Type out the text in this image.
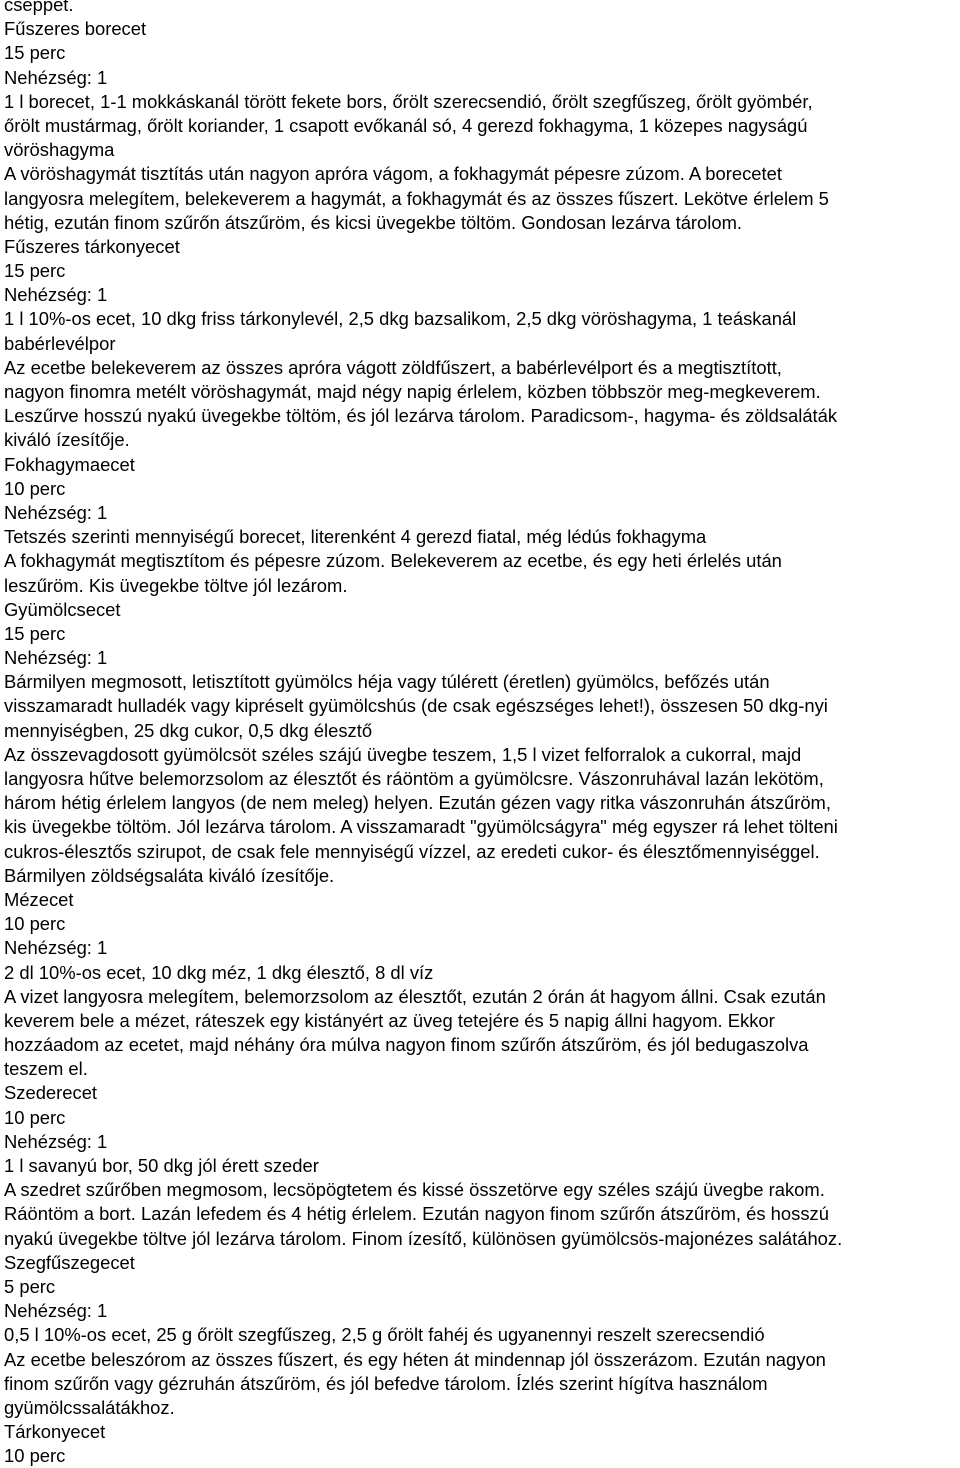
cseppet.
Fűszeres borecet
15 perc
Nehézség: 1
1 l borecet, 1-1 mokkáskanál törött fekete bors, őrölt szerecsendió, őrölt szegfűszeg, őrölt gyömbér,
őrölt mustármag, őrölt koriander, 1 csapott evőkanál só, 4 gerezd fokhagyma, 1 közepes nagyságú
vöröshagyma
A vöröshagymát tisztítás után nagyon apróra vágom, a fokhagymát pépesre zúzom. A borecetet
langyosra melegítem, belekeverem a hagymát, a fokhagymát és az összes fűszert. Lekötve érlelem 5
hétig, ezután finom szűrőn átszűröm, és kicsi üvegekbe töltöm. Gondosan lezárva tárolom.
Fűszeres tárkonyecet
15 perc
Nehézség: 1
1 l 10%-os ecet, 10 dkg friss tárkonylevél, 2,5 dkg bazsalikom, 2,5 dkg vöröshagyma, 1 teáskanál
babérlevélpor
Az ecetbe belekeverem az összes apróra vágott zöldfűszert, a babérlevélport és a megtisztított,
nagyon finomra metélt vöröshagymát, majd négy napig érlelem, közben többször meg-megkeverem.
Leszűrve hosszú nyakú üvegekbe töltöm, és jól lezárva tárolom. Paradicsom-, hagyma- és zöldsaláták
kiváló ízesítője.
Fokhagymaecet
10 perc
Nehézség: 1
Tetszés szerinti mennyiségű borecet, literenként 4 gerezd fiatal, még lédús fokhagyma
A fokhagymát megtisztítom és pépesre zúzom. Belekeverem az ecetbe, és egy heti érlelés után
leszűröm. Kis üvegekbe töltve jól lezárom.
Gyümölcsecet
15 perc
Nehézség: 1
Bármilyen megmosott, letisztított gyümölcs héja vagy túlérett (éretlen) gyümölcs, befőzés után
visszamaradt hulladék vagy kipréselt gyümölcshús (de csak egészséges lehet!), összesen 50 dkg-nyi
mennyiségben, 25 dkg cukor, 0,5 dkg élesztő
Az összevagdosott gyümölcsöt széles szájú üvegbe teszem, 1,5 l vizet felforralok a cukorral, majd
langyosra hűtve belemorzsolom az élesztőt és ráöntöm a gyümölcsre. Vászonruhával lazán lekötöm,
három hétig érlelem langyos (de nem meleg) helyen. Ezután gézen vagy ritka vászonruhán átszűröm,
kis üvegekbe töltöm. Jól lezárva tárolom. A visszamaradt "gyümölcságyra" még egyszer rá lehet tölteni
cukros-élesztős szirupot, de csak fele mennyiségű vízzel, az eredeti cukor- és élesztőmennyiséggel.
Bármilyen zöldségsaláta kiváló ízesítője.
Mézecet
10 perc
Nehézség: 1
2 dl 10%-os ecet, 10 dkg méz, 1 dkg élesztő, 8 dl víz
A vizet langyosra melegítem, belemorzsolom az élesztőt, ezután 2 órán át hagyom állni. Csak ezután
keverem bele a mézet, ráteszek egy kistányért az üveg tetejére és 5 napig állni hagyom. Ekkor
hozzáadom az ecetet, majd néhány óra múlva nagyon finom szűrőn átszűröm, és jól bedugaszolva
teszem el.
Szederecet
10 perc
Nehézség: 1
1 l savanyú bor, 50 dkg jól érett szeder
A szedret szűrőben megmosom, lecsöpögtetem és kissé összetörve egy széles szájú üvegbe rakom.
Ráöntöm a bort. Lazán lefedem és 4 hétig érlelem. Ezután nagyon finom szűrőn átszűröm, és hosszú
nyakú üvegekbe töltve jól lezárva tárolom. Finom ízesítő, különösen gyümölcsös-majonézes salátához.
Szegfűszegecet
5 perc
Nehézség: 1
0,5 l 10%-os ecet, 25 g őrölt szegfűszeg, 2,5 g őrölt fahéj és ugyanennyi reszelt szerecsendió
Az ecetbe beleszórom az összes fűszert, és egy héten át mindennap jól összerázom. Ezután nagyon
finom szűrőn vagy gézruhán átszűröm, és jól befedve tárolom. Ízlés szerint hígítva használom
gyümölcssalátákhoz.
Tárkonyecet
10 perc
